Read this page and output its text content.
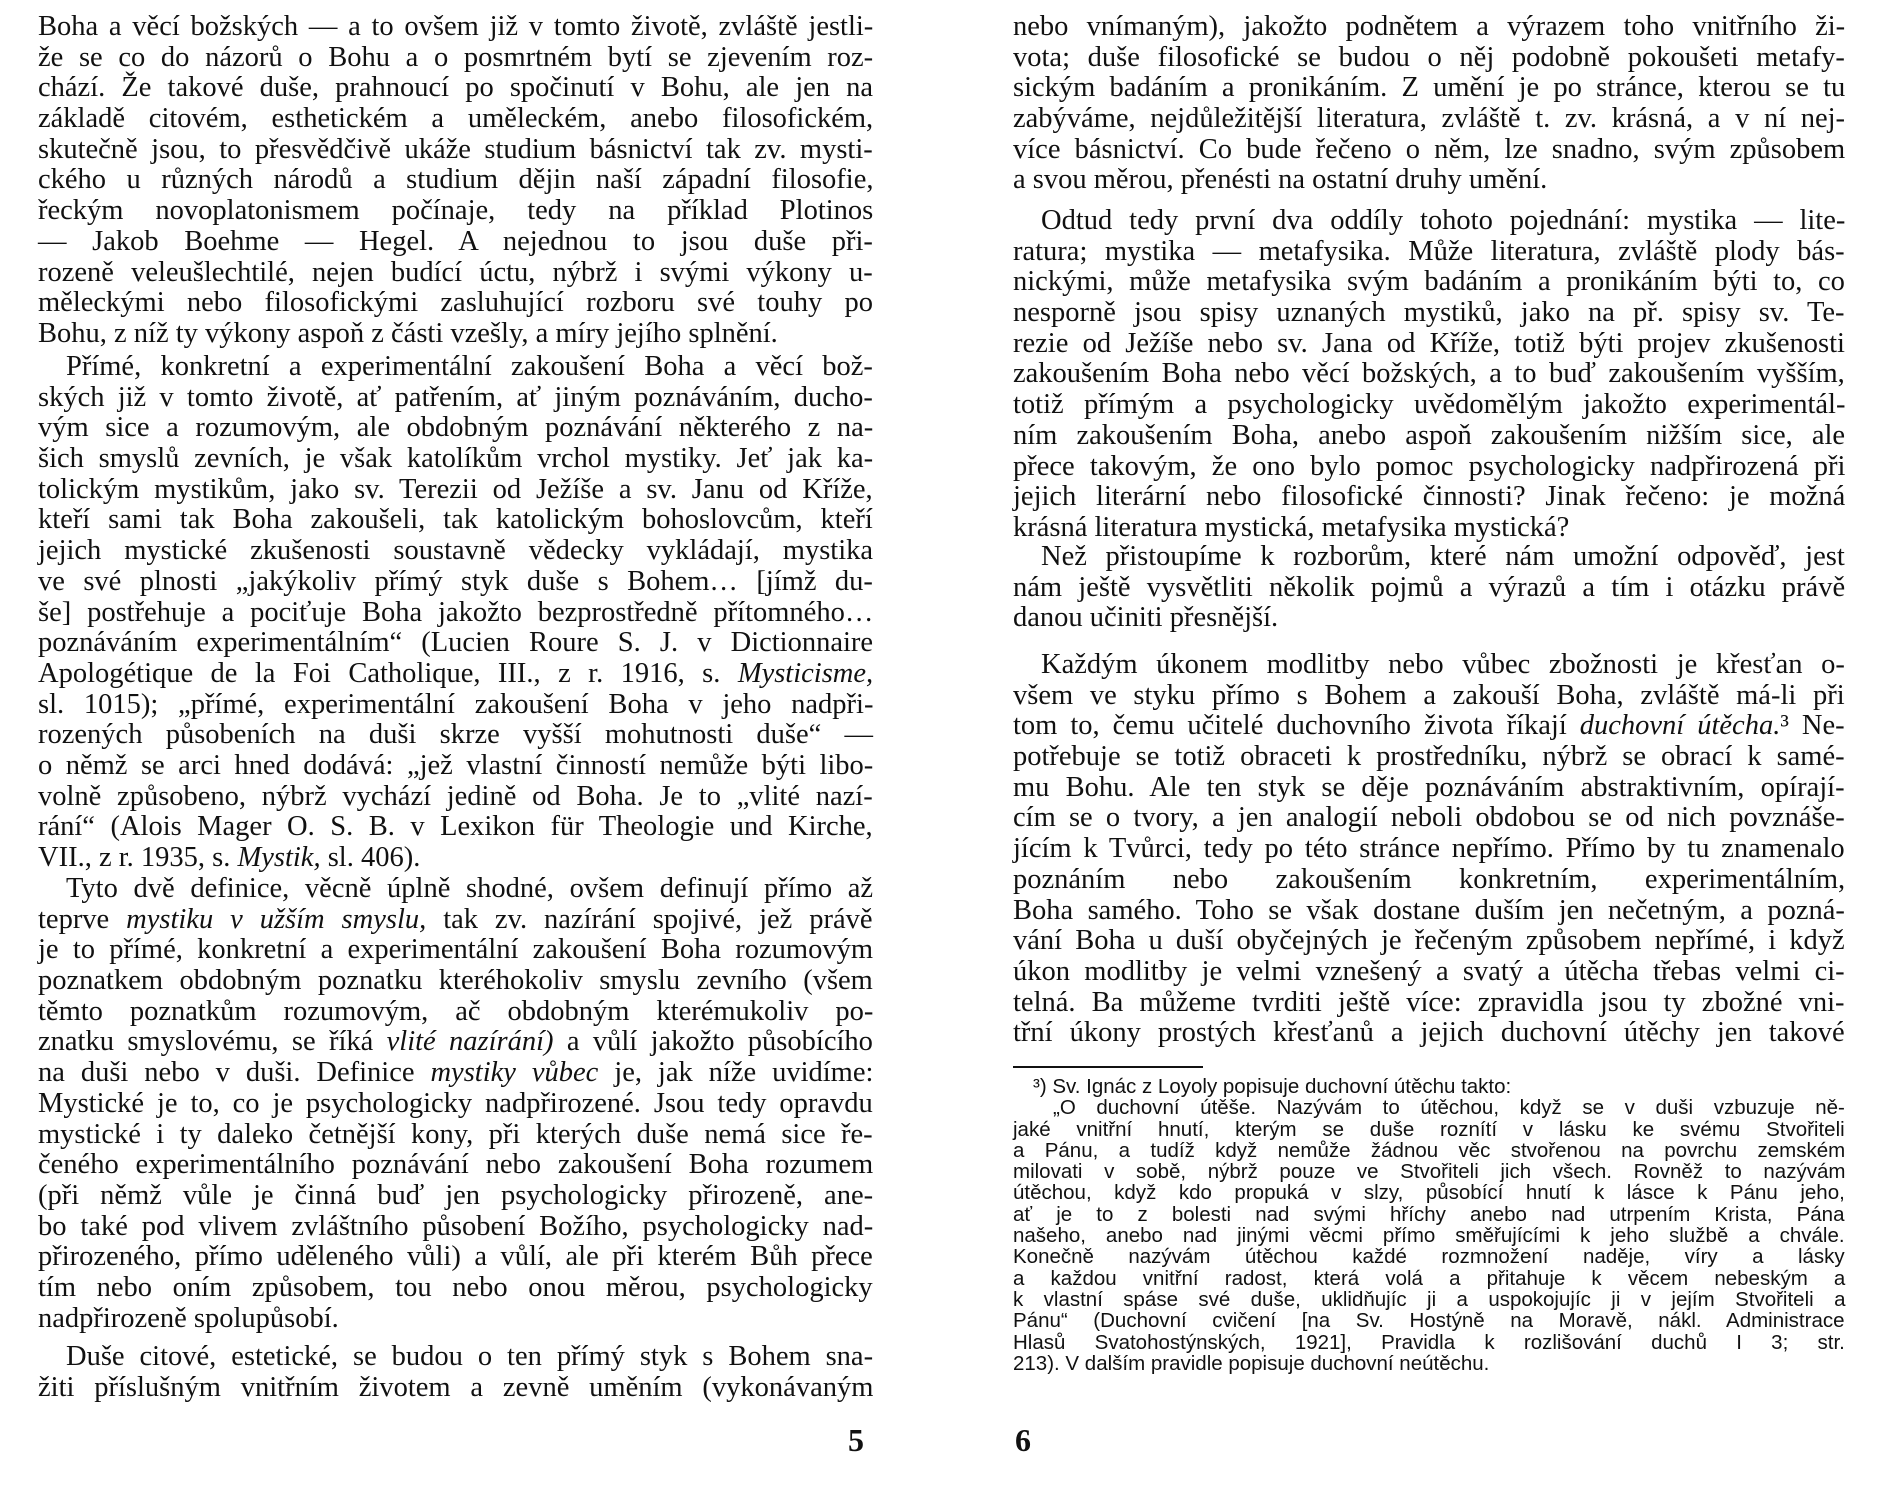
Boha a věcí božských — a to ovšem již v tomto životě, zvláště jestli-
že se co do názorů o Bohu a o posmrtném bytí se zjevením roz-
chází. Že takové duše, prahnoucí po spočinutí v Bohu, ale jen na
základě citovém, esthetickém a uměleckém, anebo filosofickém,
skutečně jsou, to přesvědčivě ukáže studium básnictví tak zv. mysti-
ckého u různých národů a studium dějin naší západní filosofie,
řeckým novoplatonismem počínaje, tedy na příklad Plotinos
— Jakob Boehme — Hegel. A nejednou to jsou duše při-
rozeně veleušlechtilé, nejen budící úctu, nýbrž i svými výkony u-
měleckými nebo filosofickými zasluhující rozboru své touhy po
Bohu, z níž ty výkony aspoň z části vzešly, a míry jejího splnění.
Přímé, konkretní a experimentální zakoušení Boha a věcí bož-
ských již v tomto životě, ať patřením, ať jiným poznáváním, ducho-
vým sice a rozumovým, ale obdobným poznávání některého z na-
šich smyslů zevních, je však katolíkům vrchol mystiky. Jeť jak ka-
tolickým mystikům, jako sv. Terezii od Ježíše a sv. Janu od Kříže,
kteří sami tak Boha zakoušeli, tak katolickým bohoslovcům, kteří
jejich mystické zkušenosti soustavně vědecky vykládají, mystika
ve své plnosti „jakýkoliv přímý styk duše s Bohem… [jímž du-
še] postřehuje a pociťuje Boha jakožto bezprostředně přítomného…
poznáváním experimentálním“ (Lucien Roure S. J. v Dictionnaire
Apologétique de la Foi Catholique, III., z r. 1916, s. Mysticisme,
sl. 1015); „přímé, experimentální zakoušení Boha v jeho nadpři-
rozených působeních na duši skrze vyšší mohutnosti duše“ —
o němž se arci hned dodává: „jež vlastní činností nemůže býti libo-
volně způsobeno, nýbrž vychází jedině od Boha. Je to „vlité nazí-
rání“ (Alois Mager O. S. B. v Lexikon für Theologie und Kirche,
VII., z r. 1935, s. Mystik, sl. 406).
Tyto dvě definice, věcně úplně shodné, ovšem definují přímo až
teprve mystiku v užším smyslu, tak zv. nazírání spojivé, jež právě
je to přímé, konkretní a experimentální zakoušení Boha rozumovým
poznatkem obdobným poznatku kteréhokoliv smyslu zevního (všem
těmto poznatkům rozumovým, ač obdobným kterémukoliv po-
znatku smyslovému, se říká vlité nazírání) a vůlí jakožto působícího
na duši nebo v duši. Definice mystiky vůbec je, jak níže uvidíme:
Mystické je to, co je psychologicky nadpřirozené. Jsou tedy opravdu
mystické i ty daleko četnější kony, při kterých duše nemá sice ře-
čeného experimentálního poznávání nebo zakoušení Boha rozumem
(při němž vůle je činná buď jen psychologicky přirozeně, ane-
bo také pod vlivem zvláštního působení Božího, psychologicky nad-
přirozeného, přímo uděleného vůli) a vůlí, ale při kterém Bůh přece
tím nebo oním způsobem, tou nebo onou měrou, psychologicky
nadpřirozeně spolupůsobí.
Duše citové, estetické, se budou o ten přímý styk s Bohem sna-
žiti příslušným vnitřním životem a zevně uměním (vykonávaným
5
nebo vnímaným), jakožto podnětem a výrazem toho vnitřního ži-
vota; duše filosofické se budou o něj podobně pokoušeti metafy-
sickým badáním a pronikáním. Z umění je po stránce, kterou se tu
zabýváme, nejdůležitější literatura, zvláště t. zv. krásná, a v ní nej-
více básnictví. Co bude řečeno o něm, lze snadno, svým způsobem
a svou měrou, přenésti na ostatní druhy umění.
Odtud tedy první dva oddíly tohoto pojednání: mystika — lite-
ratura; mystika — metafysika. Může literatura, zvláště plody bás-
nickými, může metafysika svým badáním a pronikáním býti to, co
nesporně jsou spisy uznaných mystiků, jako na př. spisy sv. Te-
rezie od Ježíše nebo sv. Jana od Kříže, totiž býti projev zkušenosti
zakoušením Boha nebo věcí božských, a to buď zakoušením vyšším,
totiž přímým a psychologicky uvědomělým jakožto experimentál-
ním zakoušením Boha, anebo aspoň zakoušením nižším sice, ale
přece takovým, že ono bylo pomoc psychologicky nadpřirozená při
jejich literární nebo filosofické činnosti? Jinak řečeno: je možná
krásná literatura mystická, metafysika mystická?
Než přistoupíme k rozborům, které nám umožní odpověď, jest
nám ještě vysvětliti několik pojmů a výrazů a tím i otázku právě
danou učiniti přesnější.
Každým úkonem modlitby nebo vůbec zbožnosti je křesťan o-
všem ve styku přímo s Bohem a zakouší Boha, zvláště má-li při
tom to, čemu učitelé duchovního života říkají duchovní útěcha.³ Ne-
potřebuje se totiž obraceti k prostředníku, nýbrž se obrací k samé-
mu Bohu. Ale ten styk se děje poznáváním abstraktivním, opírají-
cím se o tvory, a jen analogií neboli obdobou se od nich povznáše-
jícím k Tvůrci, tedy po této stránce nepřímo. Přímo by tu znamenalo
poznáním nebo zakoušením konkretním, experimentálním,
Boha samého. Toho se však dostane duším jen nečetným, a pozná-
vání Boha u duší obyčejných je řečeným způsobem nepřímé, i když
úkon modlitby je velmi vznešený a svatý a útěcha třebas velmi ci-
telná. Ba můžeme tvrditi ještě více: zpravidla jsou ty zbožné vni-
třní úkony prostých křesťanů a jejich duchovní útěchy jen takové
³) Sv. Ignác z Loyoly popisuje duchovní útěchu takto:
„O duchovní útěše. Nazývám to útěchou, když se v duši vzbuzuje ně-
jaké vnitřní hnutí, kterým se duše roznítí v lásku ke svému Stvořiteli
a Pánu, a tudíž když nemůže žádnou věc stvořenou na povrchu zemském
milovati v sobě, nýbrž pouze ve Stvořiteli jich všech. Rovněž to nazývám
útěchou, když kdo propuká v slzy, působící hnutí k lásce k Pánu jeho,
ať je to z bolesti nad svými hříchy anebo nad utrpením Krista, Pána
našeho, anebo nad jinými věcmi přímo směřujícími k jeho službě a chvále.
Konečně nazývám útěchou každé rozmnožení naděje, víry a lásky
a každou vnitřní radost, která volá a přitahuje k věcem nebeským a
k vlastní spáse své duše, uklidňujíc ji a uspokojujíc ji v jejím Stvořiteli a
Pánu“ (Duchovní cvičení [na Sv. Hostýně na Moravě, nákl. Administrace
Hlasů Svatohostýnských, 1921], Pravidla k rozlišování duchů I 3; str.
213). V dalším pravidle popisuje duchovní neútěchu.
6
